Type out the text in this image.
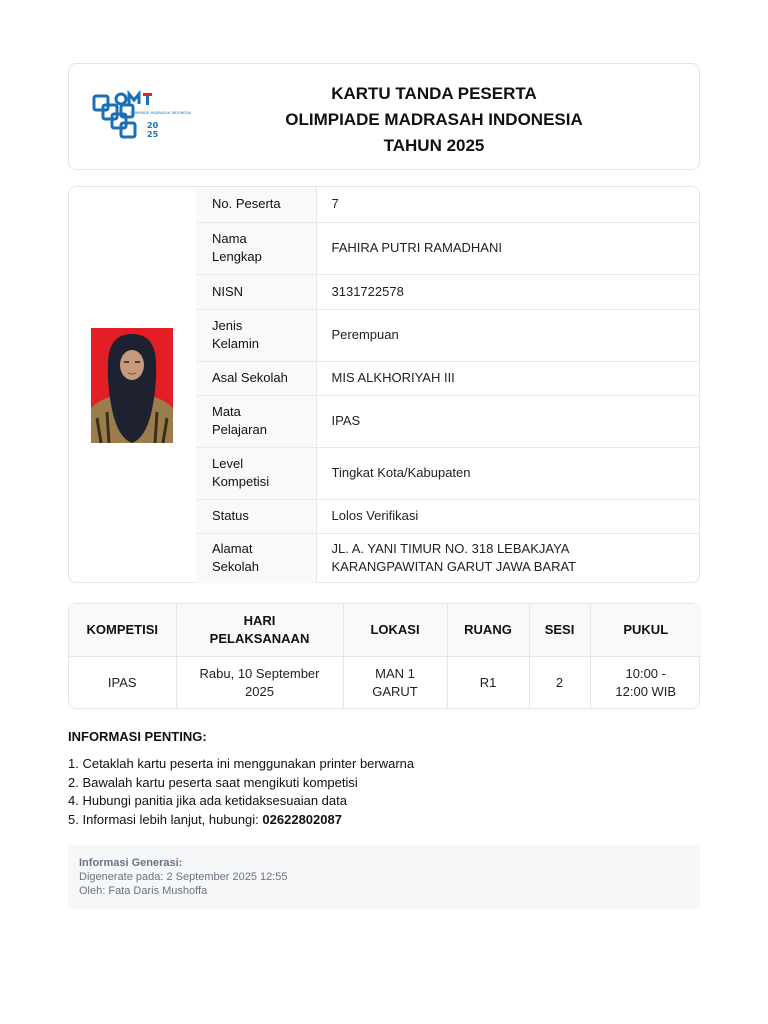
OLIMPIADE MADRASAH INDONESIA
20
25
KARTU TANDA PESERTA
OLIMPIADE MADRASAH INDONESIA
TAHUN 2025
No. Peserta	7

Nama Lengkap	FAHIRA PUTRI RAMADHANI
NISN	3131722578

Jenis Kelamin	Perempuan
Asal Sekolah	MIS ALKHORIYAH III

Mata Pelajaran	IPAS

Level Kompetisi	Tingkat Kota/Kabupaten
Status	Lolos Verifikasi

Alamat Sekolah	JL. A. YANI TIMUR NO. 318 LEBAKJAYA KARANGPAWITAN GARUT JAWA BARAT
KOMPETISI	HARI PELAKSANAAN	LOKASI	RUANG	SESI	PUKUL
IPAS	Rabu, 10 September 2025	MAN 1 GARUT	R1	2	10:00 - 12:00 WIB
INFORMASI PENTING:
1. Cetaklah kartu peserta ini menggunakan printer berwarna
2. Bawalah kartu peserta saat mengikuti kompetisi
4. Hubungi panitia jika ada ketidaksesuaian data
5. Informasi lebih lanjut, hubungi: 02622802087
Informasi Generasi:
Digenerate pada: 2 September 2025 12:55
Oleh: Fata Daris Mushoffa
